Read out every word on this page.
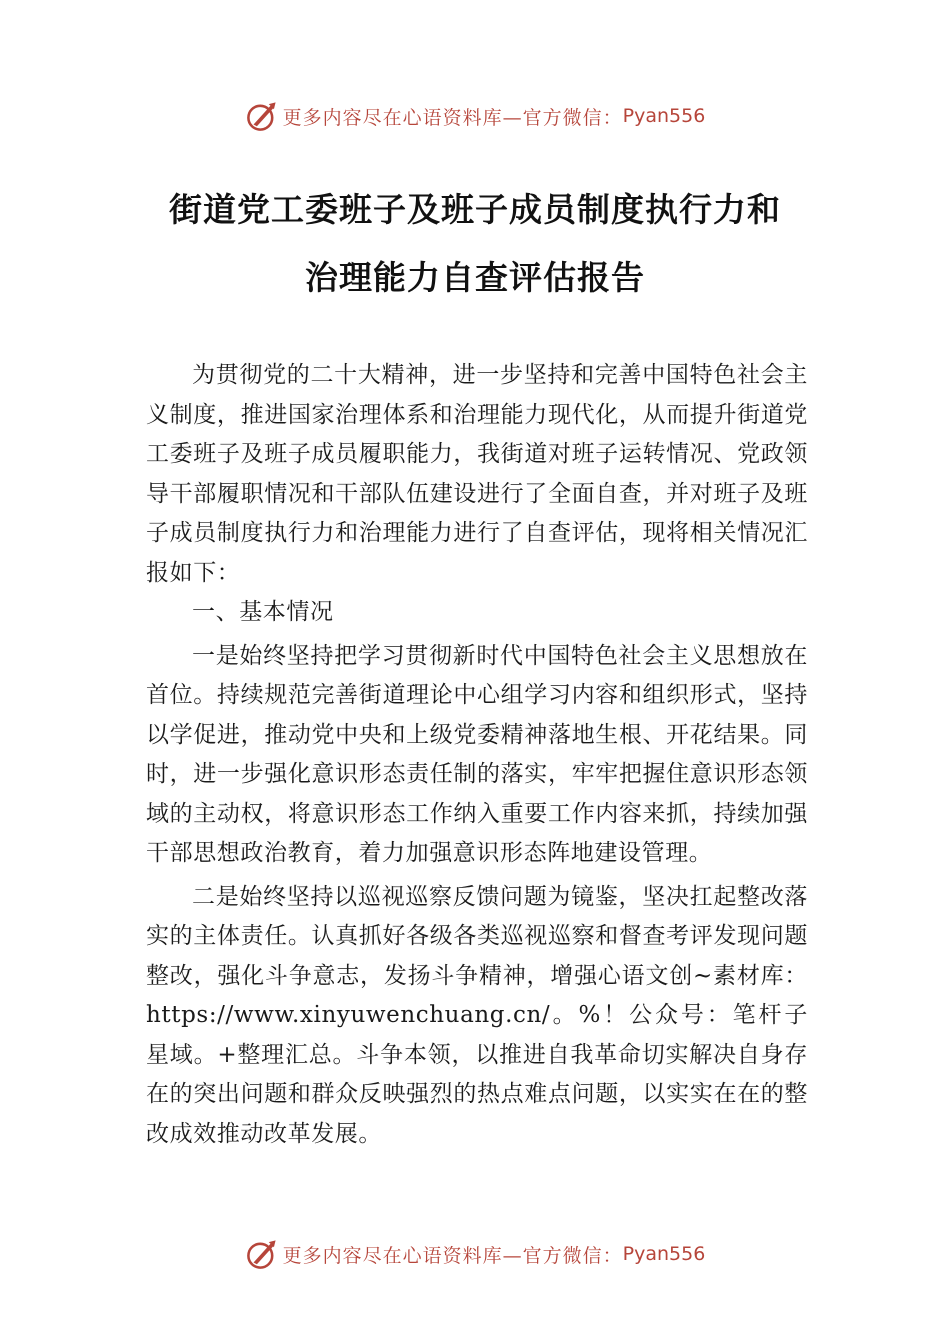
更多内容尽在心语资料库—官方微信： Pyan556
街道党工委班子及班子成员制度执行力和
治理能力自查评估报告

为贯彻党的二十大精神，进一步坚持和完善中国特色社会主义制度，推进国家治理体系和治理能力现代化，从而提升街道党工委班子及班子成员履职能力，我街道对班子运转情况、党政领导干部履职情况和干部队伍建设进行了全面自查，并对班子及班子成员制度执行力和治理能力进行了自查评估，现将相关情况汇报如下：

一、基本情况

一是始终坚持把学习贯彻新时代中国特色社会主义思想放在首位。持续规范完善街道理论中心组学习内容和组织形式，坚持以学促进，推动党中央和上级党委精神落地生根、开花结果。同时，进一步强化意识形态责任制的落实，牢牢把握住意识形态领域的主动权，将意识形态工作纳入重要工作内容来抓，持续加强干部思想政治教育，着力加强意识形态阵地建设管理。

二是始终坚持以巡视巡察反馈问题为镜鉴，坚决扛起整改落实的主体责任。认真抓好各级各类巡视巡察和督查考评发现问题整改，强化斗争意志，发扬斗争精神，增强心语文创~素材库：https://www.xinyuwenchuang.cn/。%！公众号：笔杆子星域。+整理汇总。斗争本领，以推进自我革命切实解决自身存在的突出问题和群众反映强烈的热点难点问题，以实实在在的整改成效推动改革发展。

更多内容尽在心语资料库—官方微信： Pyan556
